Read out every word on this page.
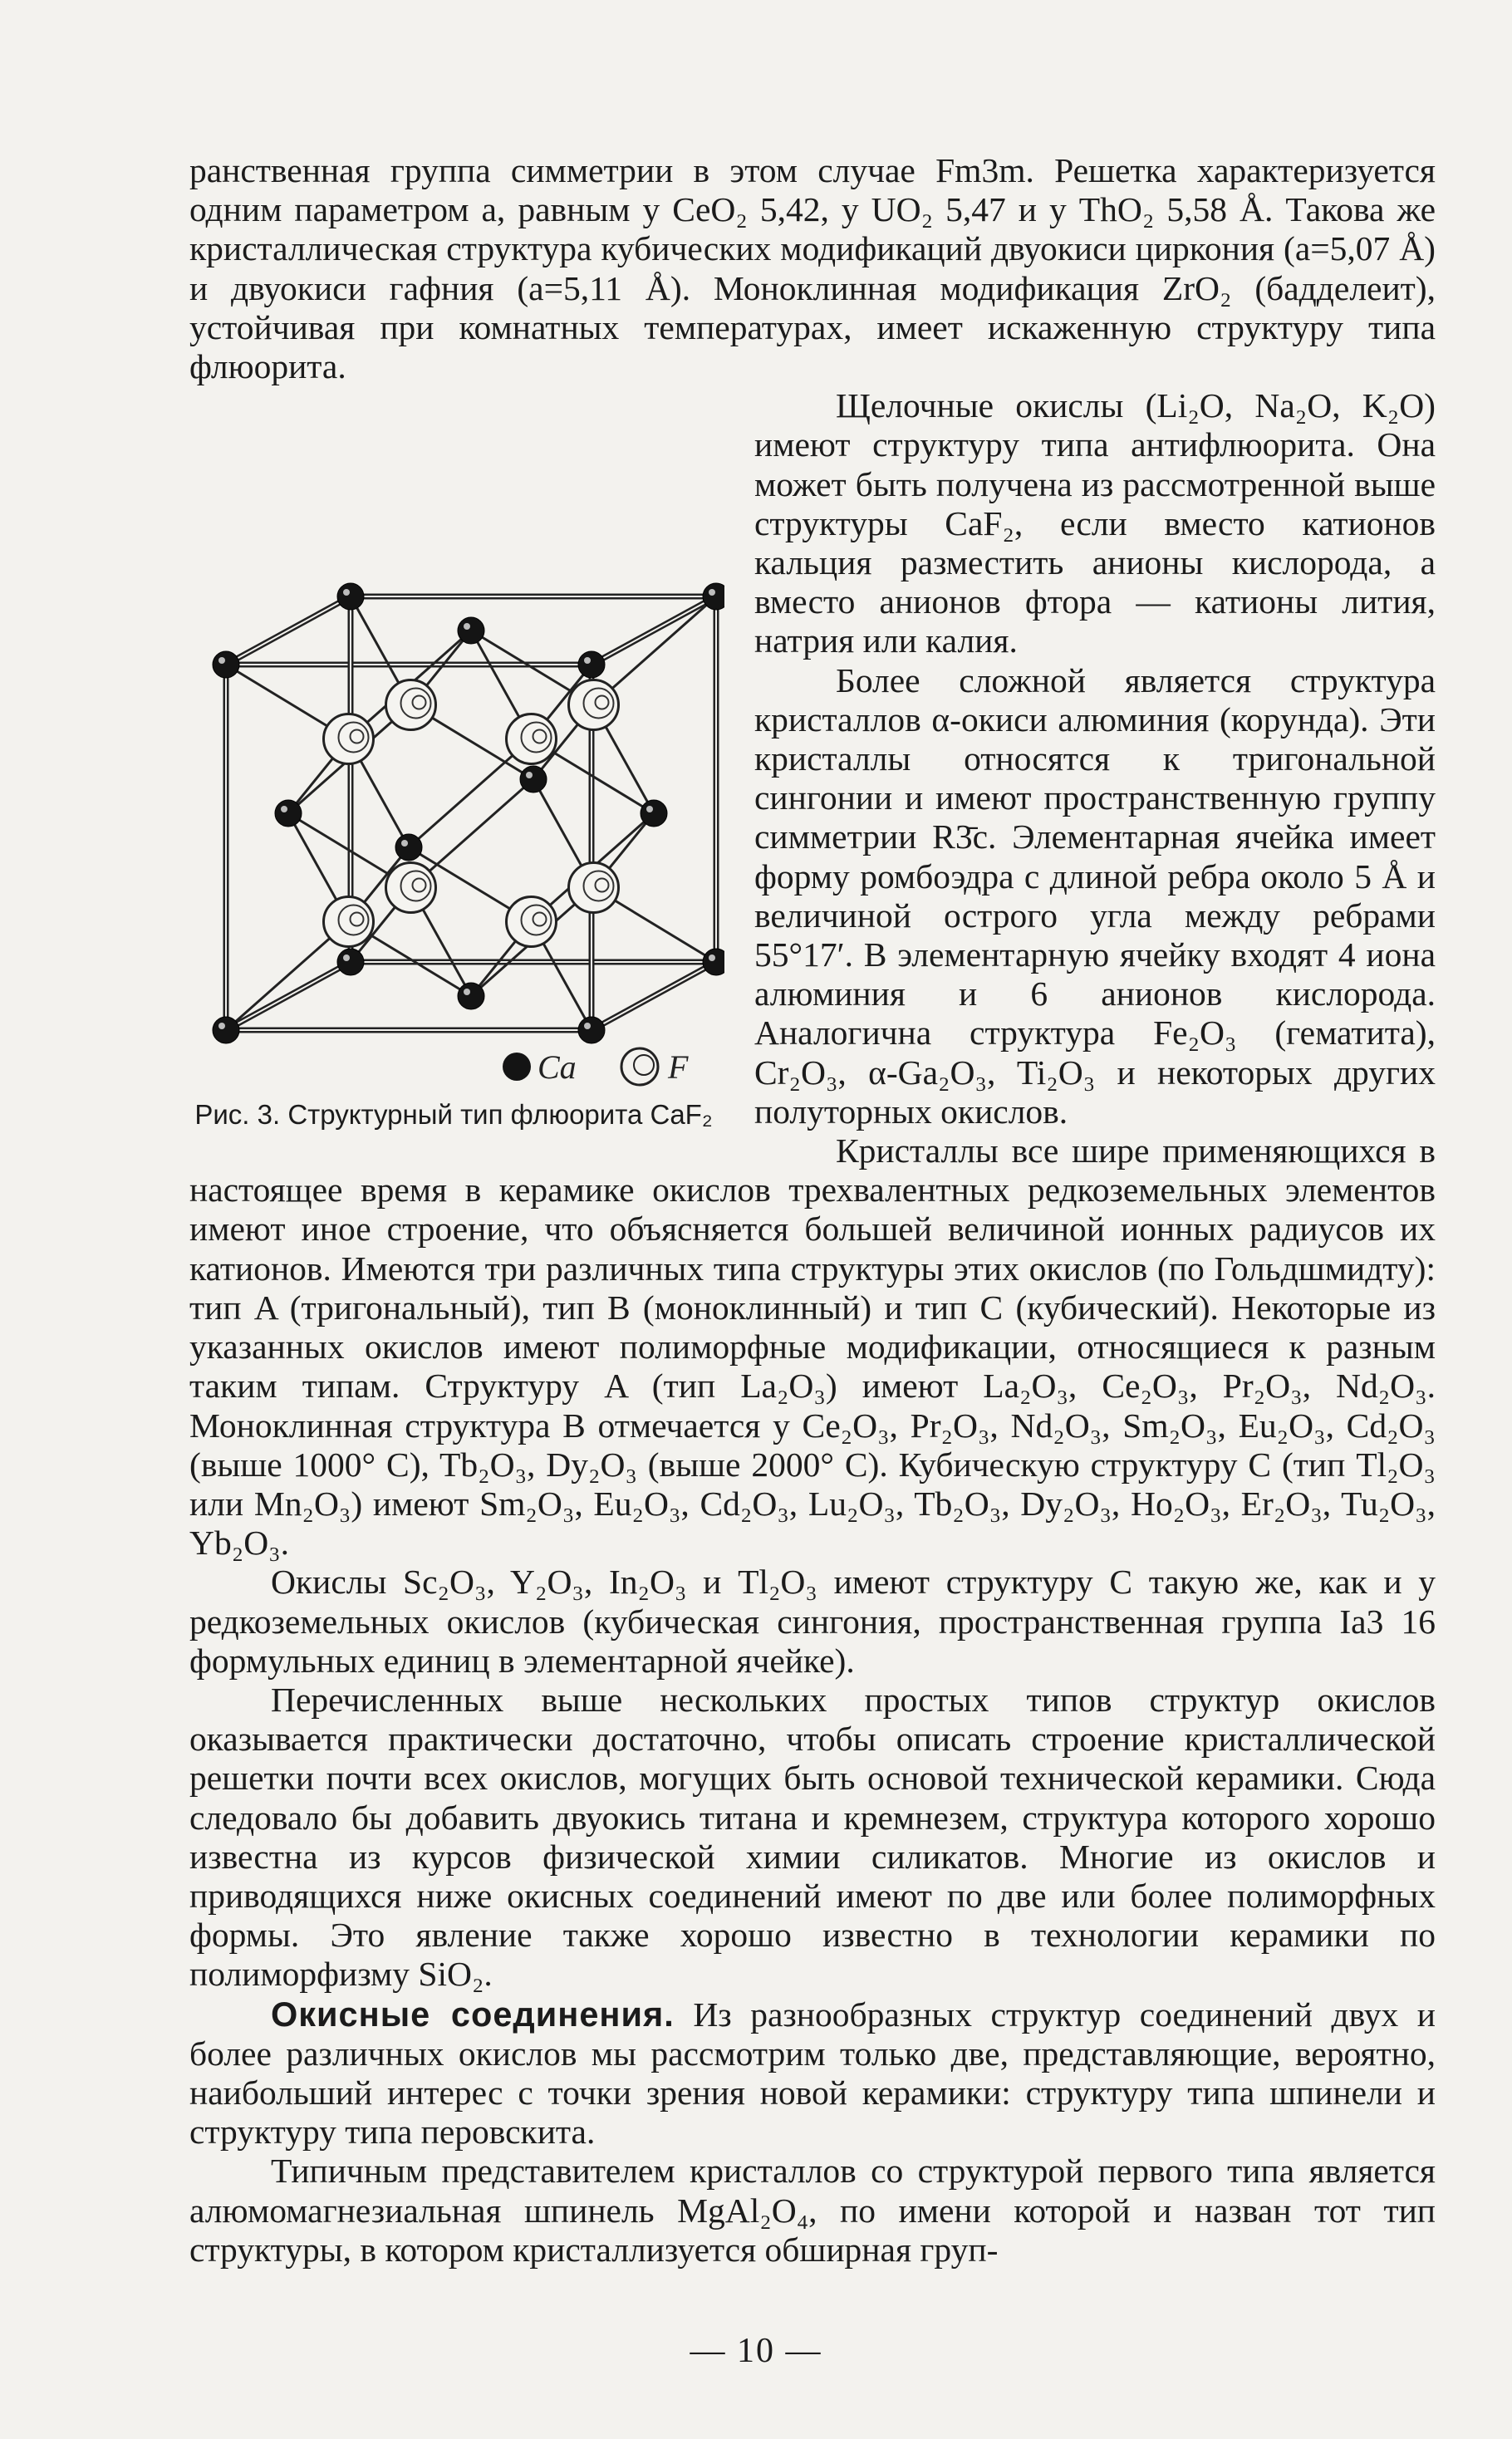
ранственная группа симметрии в этом случае Fm3m. Решетка характеризуется одним параметром a, равным у CeO₂ 5,42, у UO₂ 5,47 и у ThO₂ 5,58 Å. Такова же кристаллическая структура кубических модификаций двуокиси циркония (a=5,07 Å) и двуокиси гафния (a=5,11 Å). Моноклинная модификация ZrO₂ (бадделеит), устойчивая при комнатных температурах, имеет искаженную структуру типа флюорита.

Щелочные окислы (Li₂O, Na₂O, K₂O) имеют структуру типа антифлюорита. Она может быть получена из рассмотренной выше структуры CaF₂, если вместо катионов кальция разместить анионы кислорода, а вместо анионов фтора — катионы лития, натрия или калия.

Более сложной является структура кристаллов α-окиси алюминия (корунда). Эти кристаллы относятся к тригональной сингонии и имеют пространственную группу симметрии R3̄c. Элементарная ячейка имеет форму ромбоэдра с длиной ребра около 5 Å и величиной острого угла между ребрами 55°17′. В элементарную ячейку входят 4 иона алюминия и 6 анионов кислорода. Аналогична структура Fe₂O₃ (гематита), Cr₂O₃, α-Ga₂O₃, Ti₂O₃ и некоторых других полуторных окислов.

Кристаллы все шире применяющихся в настоящее время в керамике окислов трехвалентных редкоземельных элементов имеют иное строение, что объясняется большей величиной ионных радиусов их катионов. Имеются три различных типа структуры этих окислов (по Гольдшмидту): тип A (тригональный), тип B (моноклинный) и тип C (кубический). Некоторые из указанных окислов имеют полиморфные модификации, относящиеся к разным таким типам. Структуру A (тип La₂O₃) имеют La₂O₃, Ce₂O₃, Pr₂O₃, Nd₂O₃. Моноклинная структура B отмечается у Ce₂O₃, Pr₂O₃, Nd₂O₃, Sm₂O₃, Eu₂O₃, Cd₂O₃ (выше 1000° C), Tb₂O₃, Dy₂O₃ (выше 2000° C). Кубическую структуру C (тип Tl₂O₃ или Mn₂O₃) имеют Sm₂O₃, Eu₂O₃, Cd₂O₃, Lu₂O₃, Tb₂O₃, Dy₂O₃, Ho₂O₃, Er₂O₃, Tu₂O₃, Yb₂O₃.

Окислы Sc₂O₃, Y₂O₃, In₂O₃ и Tl₂O₃ имеют структуру C такую же, как и у редкоземельных окислов (кубическая сингония, пространственная группа Ia3 16 формульных единиц в элементарной ячейке).

Перечисленных выше нескольких простых типов структур окислов оказывается практически достаточно, чтобы описать строение кристаллической решетки почти всех окислов, могущих быть основой технической керамики. Сюда следовало бы добавить двуокись титана и кремнезем, структура которого хорошо известна из курсов физической химии силикатов. Многие из окислов и приводящихся ниже окисных соединений имеют по две или более полиморфных формы. Это явление также хорошо известно в технологии керамики по полиморфизму SiO₂.

Окисные соединения. Из разнообразных структур соединений двух и более различных окислов мы рассмотрим только две, представляющие, вероятно, наибольший интерес с точки зрения новой керамики: структуру типа шпинели и структуру типа перовскита.

Типичным представителем кристаллов со структурой первого типа является алюмомагнезиальная шпинель MgAl₂O₄, по имени которой и назван тот тип структуры, в котором кристаллизуется обширная груп-

Ca	F
Рис. 3. Структурный тип флюорита CaF₂
— 10 —
